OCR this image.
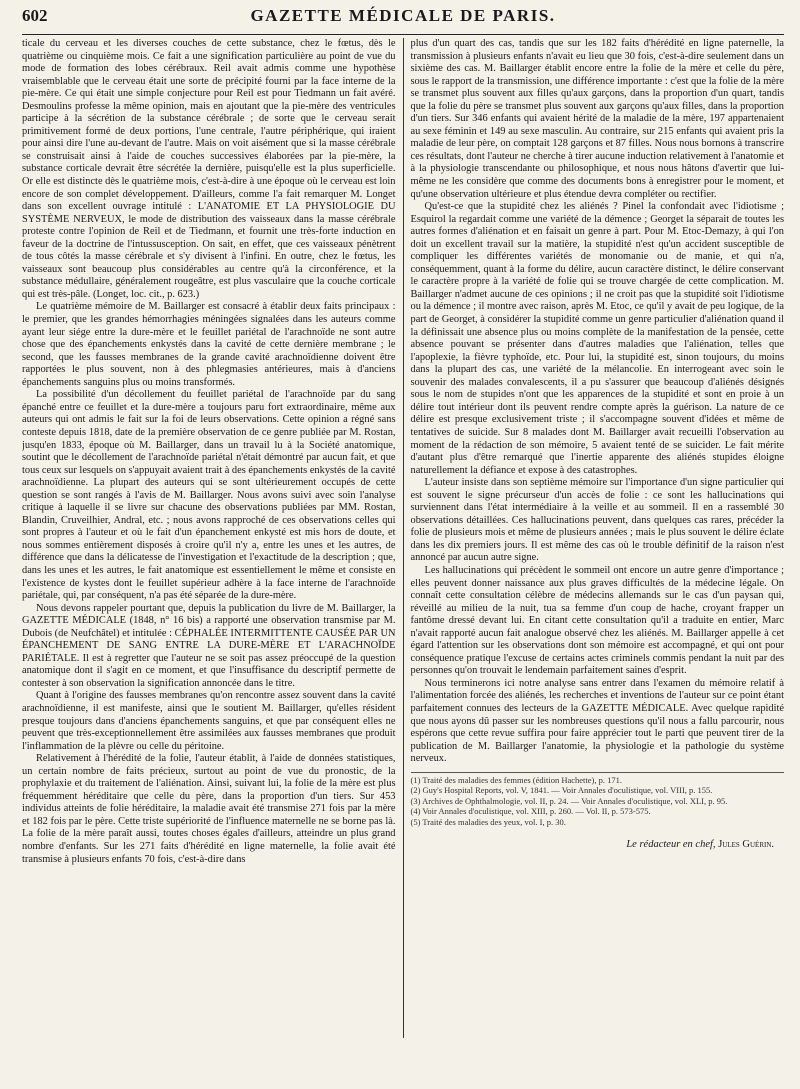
602	GAZETTE MÉDICALE DE PARIS.

ticale du cerveau et les diverses couches de cette substance, chez le fœtus, dès le quatrième ou cinquième mois. Ce fait a une signification particulière au point de vue du mode de formation des lobes cérébraux. Reil avait admis comme une hypothèse vraisemblable que le cerveau était une sorte de précipité fourni par la face interne de la pie-mère. Ce qui était une simple conjecture pour Reil est pour Tiedmann un fait avéré. Desmoulins professe la même opinion, mais en ajoutant que la pie-mère des ventricules participe à la sécrétion de la substance cérébrale ; de sorte que le cerveau serait primitivement formé de deux portions, l'une centrale, l'autre périphérique, qui iraient pour ainsi dire l'une au-devant de l'autre. Mais on voit aisément que si la masse cérébrale se construisait ainsi à l'aide de couches successives élaborées par la pie-mère, la substance corticale devrait être sécrétée la dernière, puisqu'elle est la plus superficielle. Or elle est distincte dès le quatrième mois, c'est-à-dire à une époque où le cerveau est loin encore de son complet développement. D'ailleurs, comme l'a fait remarquer M. Longet dans son excellent ouvrage intitulé : L'ANATOMIE ET LA PHYSIOLOGIE DU SYSTÈME NERVEUX, le mode de distribution des vaisseaux dans la masse cérébrale proteste contre l'opinion de Reil et de Tiedmann, et fournit une très-forte induction en faveur de la doctrine de l'intussusception. On sait, en effet, que ces vaisseaux pénètrent de tous côtés la masse cérébrale et s'y divisent à l'infini. En outre, chez le fœtus, les vaisseaux sont beaucoup plus considérables au centre qu'à la circonférence, et la substance médullaire, généralement rougeâtre, est plus vasculaire que la couche corticale qui est très-pâle. (Longet, loc. cit., p. 623.)

Le quatrième mémoire de M. Baillarger est consacré à établir deux faits principaux : le premier, que les grandes hémorrhagies méningées signalées dans les auteurs comme ayant leur siége entre la dure-mère et le feuillet pariétal de l'arachnoïde ne sont autre chose que des épanchements enkystés dans la cavité de cette dernière membrane ; le second, que les fausses membranes de la grande cavité arachnoïdienne doivent être rapportées le plus souvent, non à des phlegmasies antérieures, mais à d'anciens épanchements sanguins plus ou moins transformés.

La possibilité d'un décollement du feuillet pariétal de l'arachnoïde par du sang épanché entre ce feuillet et la dure-mère a toujours paru fort extraordinaire, même aux auteurs qui ont admis le fait sur la foi de leurs observations. Cette opinion a régné sans conteste depuis 1818, date de la première observation de ce genre publiée par M. Rostan, jusqu'en 1833, époque où M. Baillarger, dans un travail lu à la Société anatomique, soutint que le décollement de l'arachnoïde pariétal n'était démontré par aucun fait, et que tous ceux sur lesquels on s'appuyait avaient trait à des épanchements enkystés de la cavité arachnoïdienne. La plupart des auteurs qui se sont ultérieurement occupés de cette question se sont rangés à l'avis de M. Baillarger. Nous avons suivi avec soin l'analyse critique à laquelle il se livre sur chacune des observations publiées par MM. Rostan, Blandin, Cruveilhier, Andral, etc. ; nous avons rapproché de ces observations celles qui sont propres à l'auteur et où le fait d'un épanchement enkysté est mis hors de doute, et nous sommes entièrement disposés à croire qu'il n'y a, entre les unes et les autres, de différence que dans la délicatesse de l'investigation et l'exactitude de la description ; que, dans les unes et les autres, le fait anatomique est essentiellement le même et consiste en l'existence de kystes dont le feuillet supérieur adhère à la face interne de l'arachnoïde pariétale, qui, par conséquent, n'a pas été séparée de la dure-mère.

Nous devons rappeler pourtant que, depuis la publication du livre de M. Baillarger, la GAZETTE MÉDICALE (1848, n° 16 bis) a rapporté une observation transmise par M. Dubois (de Neufchâtel) et intitulée : CÉPHALÉE INTERMITTENTE CAUSÉE PAR UN ÉPANCHEMENT DE SANG ENTRE LA DURE-MÈRE ET L'ARACHNOÏDE PARIÉTALE. Il est à regretter que l'auteur ne se soit pas assez préoccupé de la question anatomique dont il s'agit en ce moment, et que l'insuffisance du descriptif permette de contester à son observation la signification annoncée dans le titre.

Quant à l'origine des fausses membranes qu'on rencontre assez souvent dans la cavité arachnoïdienne, il est manifeste, ainsi que le soutient M. Baillarger, qu'elles résident presque toujours dans d'anciens épanchements sanguins, et que par conséquent elles ne peuvent que très-exceptionnellement être assimilées aux fausses membranes que produit l'inflammation de la plèvre ou celle du péritoine.

Relativement à l'hérédité de la folie, l'auteur établit, à l'aide de données statistiques, un certain nombre de faits précieux, surtout au point de vue du pronostic, de la prophylaxie et du traitement de l'aliénation. Ainsi, suivant lui, la folie de la mère est plus fréquemment héréditaire que celle du père, dans la proportion d'un tiers. Sur 453 individus atteints de folie héréditaire, la maladie avait été transmise 271 fois par la mère et 182 fois par le père. Cette triste supériorité de l'influence maternelle ne se borne pas là. La folie de la mère paraît aussi, toutes choses égales d'ailleurs, atteindre un plus grand nombre d'enfants. Sur les 271 faits d'hérédité en ligne maternelle, la folie avait été transmise à plusieurs enfants 70 fois, c'est-à-dire dans

plus d'un quart des cas, tandis que sur les 182 faits d'hérédité en ligne paternelle, la transmission à plusieurs enfants n'avait eu lieu que 30 fois, c'est-à-dire seulement dans un sixième des cas. M. Baillarger établit encore entre la folie de la mère et celle du père, sous le rapport de la transmission, une différence importante : c'est que la folie de la mère se transmet plus souvent aux filles qu'aux garçons, dans la proportion d'un quart, tandis que la folie du père se transmet plus souvent aux garçons qu'aux filles, dans la proportion d'un tiers. Sur 346 enfants qui avaient hérité de la maladie de la mère, 197 appartenaient au sexe féminin et 149 au sexe masculin. Au contraire, sur 215 enfants qui avaient pris la maladie de leur père, on comptait 128 garçons et 87 filles. Nous nous bornons à transcrire ces résultats, dont l'auteur ne cherche à tirer aucune induction relativement à l'anatomie et à la physiologie transcendante ou philosophique, et nous nous hâtons d'avertir que lui-même ne les considère que comme des documents bons à enregistrer pour le moment, et qu'une observation ultérieure et plus étendue devra compléter ou rectifier.

Qu'est-ce que la stupidité chez les aliénés ? Pinel la confondait avec l'idiotisme ; Esquirol la regardait comme une variété de la démence ; Georget la séparait de toutes les autres formes d'aliénation et en faisait un genre à part. Pour M. Etoc-Demazy, à qui l'on doit un excellent travail sur la matière, la stupidité n'est qu'un accident susceptible de compliquer les différentes variétés de monomanie ou de manie, et qui n'a, conséquemment, quant à la forme du délire, aucun caractère distinct, le délire conservant le caractère propre à la variété de folie qui se trouve chargée de cette complication. M. Baillarger n'admet aucune de ces opinions ; il ne croit pas que la stupidité soit l'idiotisme ou la démence ; il montre avec raison, après M. Etoc, ce qu'il y avait de peu logique, de la part de Georget, à considérer la stupidité comme un genre particulier d'aliénation quand il la définissait une absence plus ou moins complète de la manifestation de la pensée, cette absence pouvant se présenter dans d'autres maladies que l'aliénation, telles que l'apoplexie, la fièvre typhoïde, etc. Pour lui, la stupidité est, sinon toujours, du moins dans la plupart des cas, une variété de la mélancolie. En interrogeant avec soin le souvenir des malades convalescents, il a pu s'assurer que beaucoup d'aliénés désignés sous le nom de stupides n'ont que les apparences de la stupidité et sont en proie à un délire tout intérieur dont ils peuvent rendre compte après la guérison. La nature de ce délire est presque exclusivement triste ; il s'accompagne souvent d'idées et même de tentatives de suicide. Sur 8 malades dont M. Baillarger avait recueilli l'observation au moment de la rédaction de son mémoire, 5 avaient tenté de se suicider. Le fait mérite d'autant plus d'être remarqué que l'inertie apparente des aliénés stupides éloigne naturellement la défiance et expose à des catastrophes.

L'auteur insiste dans son septième mémoire sur l'importance d'un signe particulier qui est souvent le signe précurseur d'un accès de folie : ce sont les hallucinations qui surviennent dans l'état intermédiaire à la veille et au sommeil. Il en a rassemblé 30 observations détaillées. Ces hallucinations peuvent, dans quelques cas rares, précéder la folie de plusieurs mois et même de plusieurs années ; mais le plus souvent le délire éclate dans les dix premiers jours. Il est même des cas où le trouble définitif de la raison n'est annoncé par aucun autre signe.

Les hallucinations qui précèdent le sommeil ont encore un autre genre d'importance ; elles peuvent donner naissance aux plus graves difficultés de la médecine légale. On connaît cette consultation célèbre de médecins allemands sur le cas d'un paysan qui, réveillé au milieu de la nuit, tua sa femme d'un coup de hache, croyant frapper un fantôme dressé devant lui. En citant cette consultation qu'il a traduite en entier, Marc n'avait rapporté aucun fait analogue observé chez les aliénés. M. Baillarger appelle à cet égard l'attention sur les observations dont son mémoire est accompagné, et qui ont pour conséquence pratique l'excuse de certains actes criminels commis pendant la nuit par des personnes qu'on trouvait le lendemain parfaitement saines d'esprit.

Nous terminerons ici notre analyse sans entrer dans l'examen du mémoire relatif à l'alimentation forcée des aliénés, les recherches et inventions de l'auteur sur ce point étant parfaitement connues des lecteurs de la GAZETTE MÉDICALE. Avec quelque rapidité que nous ayons dû passer sur les nombreuses questions qu'il nous a fallu parcourir, nous espérons que cette revue suffira pour faire apprécier tout le parti que peuvent tirer de la publication de M. Baillarger l'anatomie, la physiologie et la pathologie du système nerveux.

(1) Traité des maladies des femmes (édition Hachette), p. 171.

(2) Guy's Hospital Reports, vol. V, 1841. — Voir Annales d'oculistique, vol. VIII, p. 155.

(3) Archives de Ophthalmologie, vol. II, p. 24. — Voir Annales d'oculistique, vol. XLI, p. 95.

(4) Voir Annales d'oculistique, vol. XIII, p. 260. — Vol. II, p. 573-575.

(5) Traité des maladies des yeux, vol. I, p. 30.

Le rédacteur en chef, Jules Guérin.
